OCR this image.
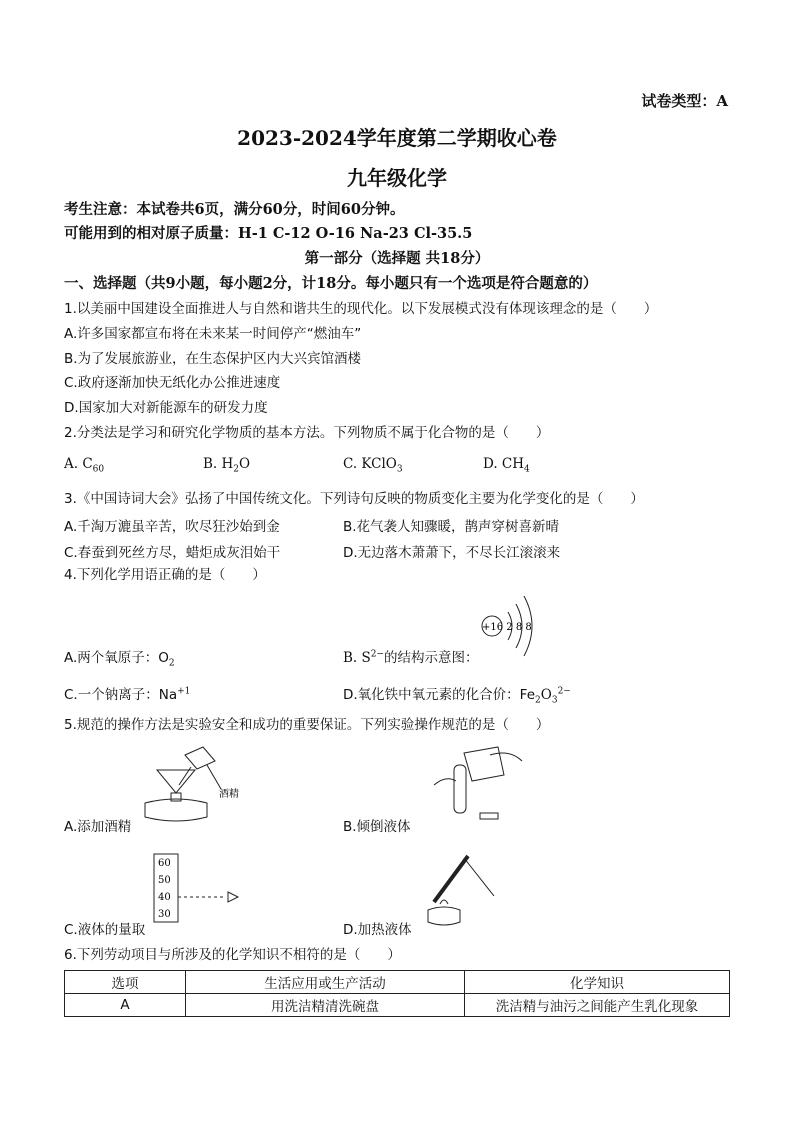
试卷类型：A
2023-2024学年度第二学期收心卷
九年级化学
考生注意：本试卷共6页，满分60分，时间60分钟。
可能用到的相对原子质量：H-1 C-12 O-16 Na-23 Cl-35.5
第一部分（选择题 共18分）
一、选择题（共9小题，每小题2分，计18分。每小题只有一个选项是符合题意的）
1.以美丽中国建设全面推进人与自然和谐共生的现代化。以下发展模式没有体现该理念的是（　　）
A.许多国家都宣布将在未来某一时间停产“燃油车”
B.为了发展旅游业，在生态保护区内大兴宾馆酒楼
C.政府逐渐加快无纸化办公推进速度
D.国家加大对新能源车的研发力度
2.分类法是学习和研究化学物质的基本方法。下列物质不属于化合物的是（　　）
A. $C_{60}$	B. $H_2O$	C. KClO$_3$	D. $CH_4$
3.《中国诗词大会》弘扬了中国传统文化。下列诗句反映的物质变化主要为化学变化的是（　　）
A.千淘万漉虽辛苦，吹尽狂沙始到金	B.花气袭人知骤暖，鹊声穿树喜新晴
C.春蚕到死丝方尽，蜡炬成灰泪始干	D.无边落木萧萧下，不尽长江滚滚来
4.下列化学用语正确的是（　　）
+16 2 8 8
A.两个氧原子：$O_2$	B. $S^{2-}$的结构示意图：
C.一个钠离子：$Na^{+1}$	D.氧化铁中氧元素的化合价：$Fe_2O_3^{2-}$
5.规范的操作方法是实验安全和成功的重要保证。下列实验操作规范的是（　　）
酒精
A.添加酒精	B.倾倒液体
60
50
40
30
C.液体的量取	D.加热液体
6.下列劳动项目与所涉及的化学知识不相符的是（　　）
选项	生活应用或生产活动	化学知识
A	用洗洁精清洗碗盘	洗洁精与油污之间能产生乳化现象
